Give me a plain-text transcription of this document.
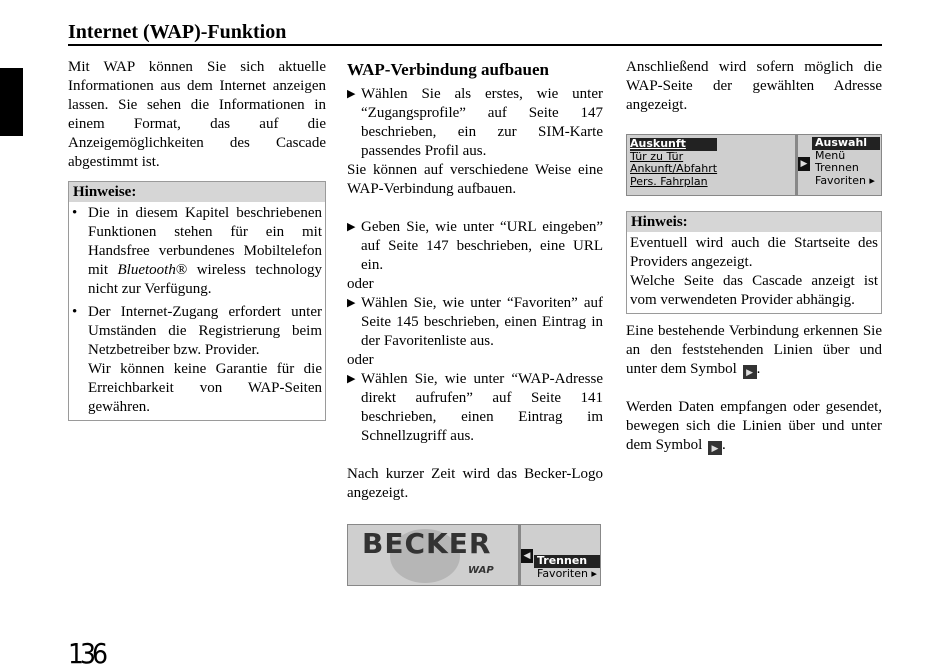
Internet (WAP)-Funktion

Mit WAP können Sie sich aktuelle Informationen aus dem Internet anzeigen lassen. Sie sehen die Informationen in einem Format, das auf die Anzeigemöglichkeiten des Cascade abgestimmt ist.

Hinweise:
• Die in diesem Kapitel beschriebenen Funktionen stehen für ein mit Handsfree verbundenes Mobiltelefon mit Bluetooth® wireless technology nicht zur Verfügung.
• Der Internet-Zugang erfordert unter Umständen die Registrierung beim Netzbetreiber bzw. Provider.
Wir können keine Garantie für die Erreichbarkeit von WAP-Seiten gewähren.
WAP-Verbindung aufbauen
▶ Wählen Sie als erstes, wie unter “Zugangsprofile” auf Seite 147 beschrieben, ein zur SIM-Karte passendes Profil aus.

Sie können auf verschiedene Weise eine WAP-Verbindung aufbauen.

▶ Geben Sie, wie unter “URL eingeben” auf Seite 147 beschrieben, eine URL ein.

oder

▶ Wählen Sie, wie unter “Favoriten” auf Seite 145 beschrieben, einen Eintrag in der Favoritenliste aus.

oder

▶ Wählen Sie, wie unter “WAP-Adresse direkt aufrufen” auf Seite 141 beschrieben, einen Eintrag im Schnellzugriff aus.

Nach kurzer Zeit wird das Becker-Logo angezeigt.

BECKER
WAP
◀ Trennen
Favoriten ▸

Anschließend wird sofern möglich die WAP-Seite der gewählten Adresse angezeigt.

Auskunft
Tür zu Tür
Ankunft/Abfahrt
Pers. Fahrplan
▶
Auswahl
Menü
Trennen
Favoriten ▸
Hinweis:

Eventuell wird auch die Startseite des Providers angezeigt.

Welche Seite das Cascade anzeigt ist vom verwendeten Provider abhängig.

Eine bestehende Verbindung erkennen Sie an den feststehenden Linien über und unter dem Symbol ▶ .

Werden Daten empfangen oder gesendet, bewegen sich die Linien über und unter dem Symbol ▶ .

136
